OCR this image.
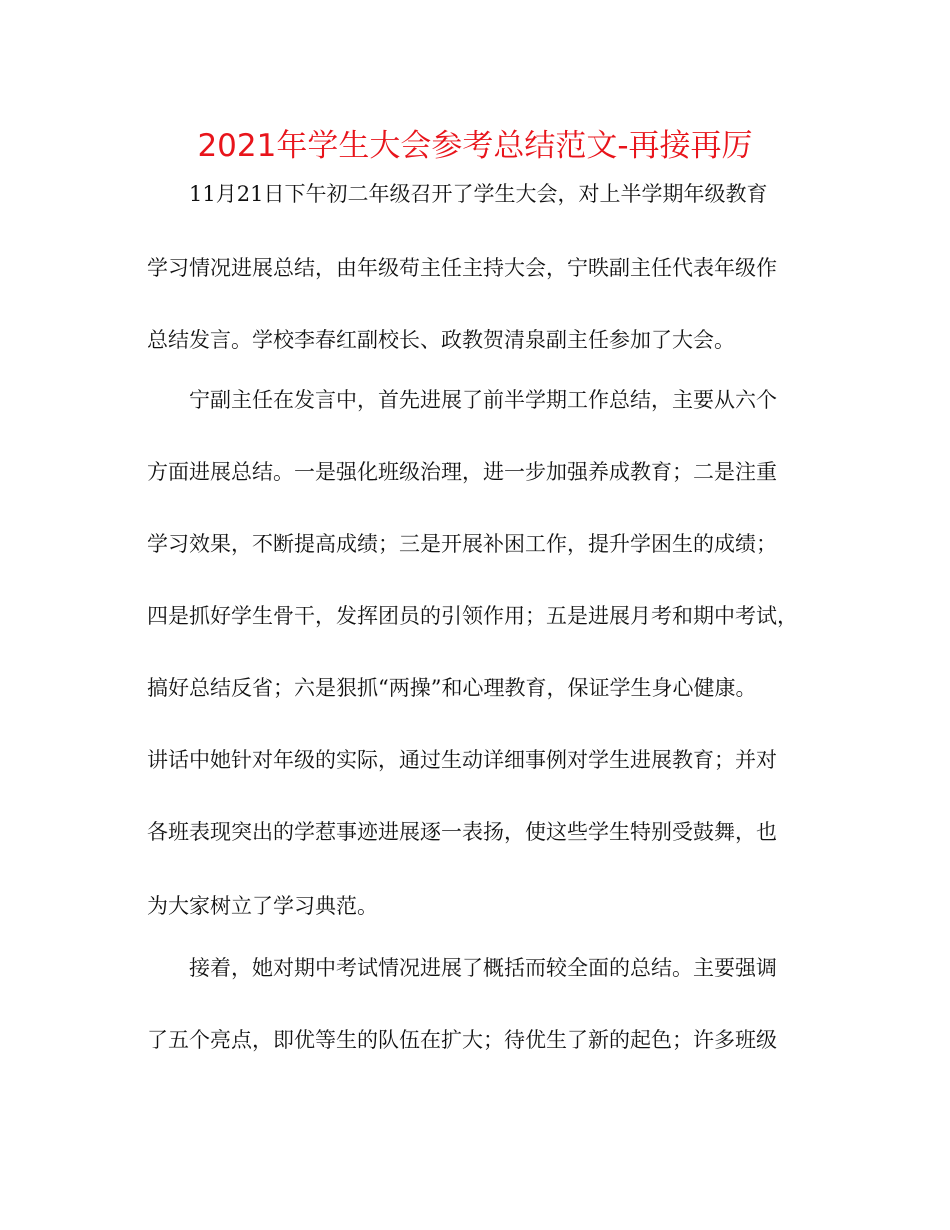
2021年学生大会参考总结范文-再接再厉
11月21日下午初二年级召开了学生大会，对上半学期年级教育
学习情况进展总结，由年级苟主任主持大会，宁昳副主任代表年级作
总结发言。学校李春红副校长、政教贺清泉副主任参加了大会。
宁副主任在发言中，首先进展了前半学期工作总结，主要从六个
方面进展总结。一是强化班级治理，进一步加强养成教育；二是注重
学习效果，不断提高成绩；三是开展补困工作，提升学困生的成绩；
四是抓好学生骨干，发挥团员的引领作用；五是进展月考和期中考试，
搞好总结反省；六是狠抓“两操”和心理教育，保证学生身心健康。
讲话中她针对年级的实际，通过生动详细事例对学生进展教育；并对
各班表现突出的学惹事迹进展逐一表扬，使这些学生特别受鼓舞，也
为大家树立了学习典范。
接着，她对期中考试情况进展了概括而较全面的总结。主要强调
了五个亮点，即优等生的队伍在扩大；待优生了新的起色；许多班级
